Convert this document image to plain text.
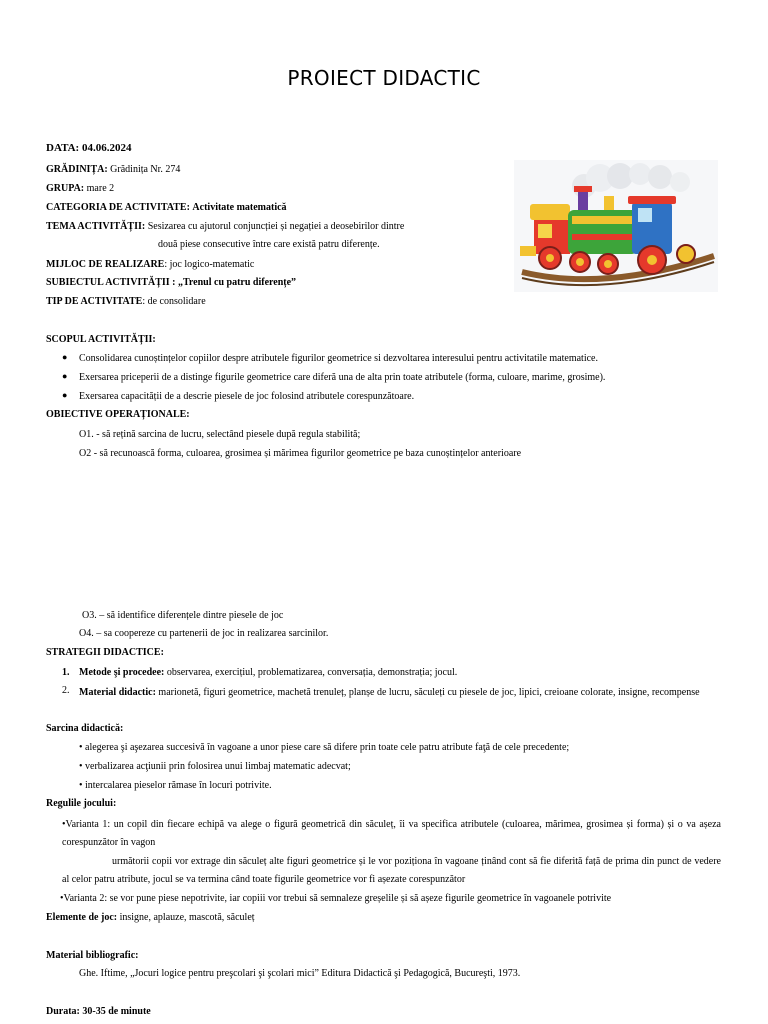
PROIECT DIDACTIC
DATA: 04.06.2024
GRĂDINIȚA: Grădinița Nr. 274
GRUPA: mare 2
CATEGORIA DE ACTIVITATE: Activitate matematică
TEMA ACTIVITĂȚII: Sesizarea cu ajutorul conjuncției și negației a deosebirilor dintre
două piese consecutive între care există patru diferențe.
MIJLOC DE REALIZARE: joc logico-matematic
SUBIECTUL ACTIVITĂȚII : „Trenul cu patru diferențe”
TIP DE ACTIVITATE: de consolidare
SCOPUL ACTIVITĂȚII:
● Consolidarea cunoștințelor copiilor despre atributele figurilor geometrice si dezvoltarea interesului pentru activitatile matematice.
● Exersarea priceperii de a distinge figurile geometrice care diferă una de alta prin toate atributele (forma, culoare, marime, grosime).
● Exersarea capacității de a descrie piesele de joc folosind atributele corespunzătoare.
OBIECTIVE OPERAȚIONALE:
O1. - să rețină sarcina de lucru, selectând piesele după regula stabilită;
O2 - să recunoască forma, culoarea, grosimea și mărimea figurilor geometrice pe baza cunoștințelor anterioare
O3. – să identifice diferențele dintre piesele de joc
O4. – sa coopereze cu partenerii de joc in realizarea sarcinilor.
STRATEGII DIDACTICE:
1. Metode şi procedee: observarea, exercițiul, problematizarea, conversația, demonstrația; jocul.
2. Material didactic: marionetă, figuri geometrice, machetă trenuleț, planșe de lucru, săculeți cu piesele de joc, lipici, creioane colorate, insigne, recompense
Sarcina didactică:
• alegerea şi aşezarea succesivă în vagoane a unor piese care să difere prin toate cele patru atribute faţă de cele precedente;
• verbalizarea acţiunii prin folosirea unui limbaj matematic adecvat;
• intercalarea pieselor rămase în locuri potrivite.
Regulile jocului:
•Varianta 1: un copil din fiecare echipă va alege o figură geometrică din săculeț, îi va specifica atributele (culoarea, mărimea, grosimea și forma) și o va așeza corespunzător în vagon
următorii copii vor extrage din săculeț alte figuri geometrice și le vor poziționa în vagoane ținând cont să fie diferită față de prima din punct de vedere al celor patru atribute, jocul se va termina când toate figurile geometrice vor fi așezate corespunzător
•Varianta 2: se vor pune piese nepotrivite, iar copiii vor trebui să semnaleze greșelile și să așeze figurile geometrice în vagoanele potrivite
Elemente de joc: insigne, aplauze, mascotă, săculeț
Material bibliografic:
Ghe. Iftime, „Jocuri logice pentru preşcolari şi şcolari mici” Editura Didactică şi Pedagogică, Bucureşti, 1973.
Durata: 30-35 de minute
